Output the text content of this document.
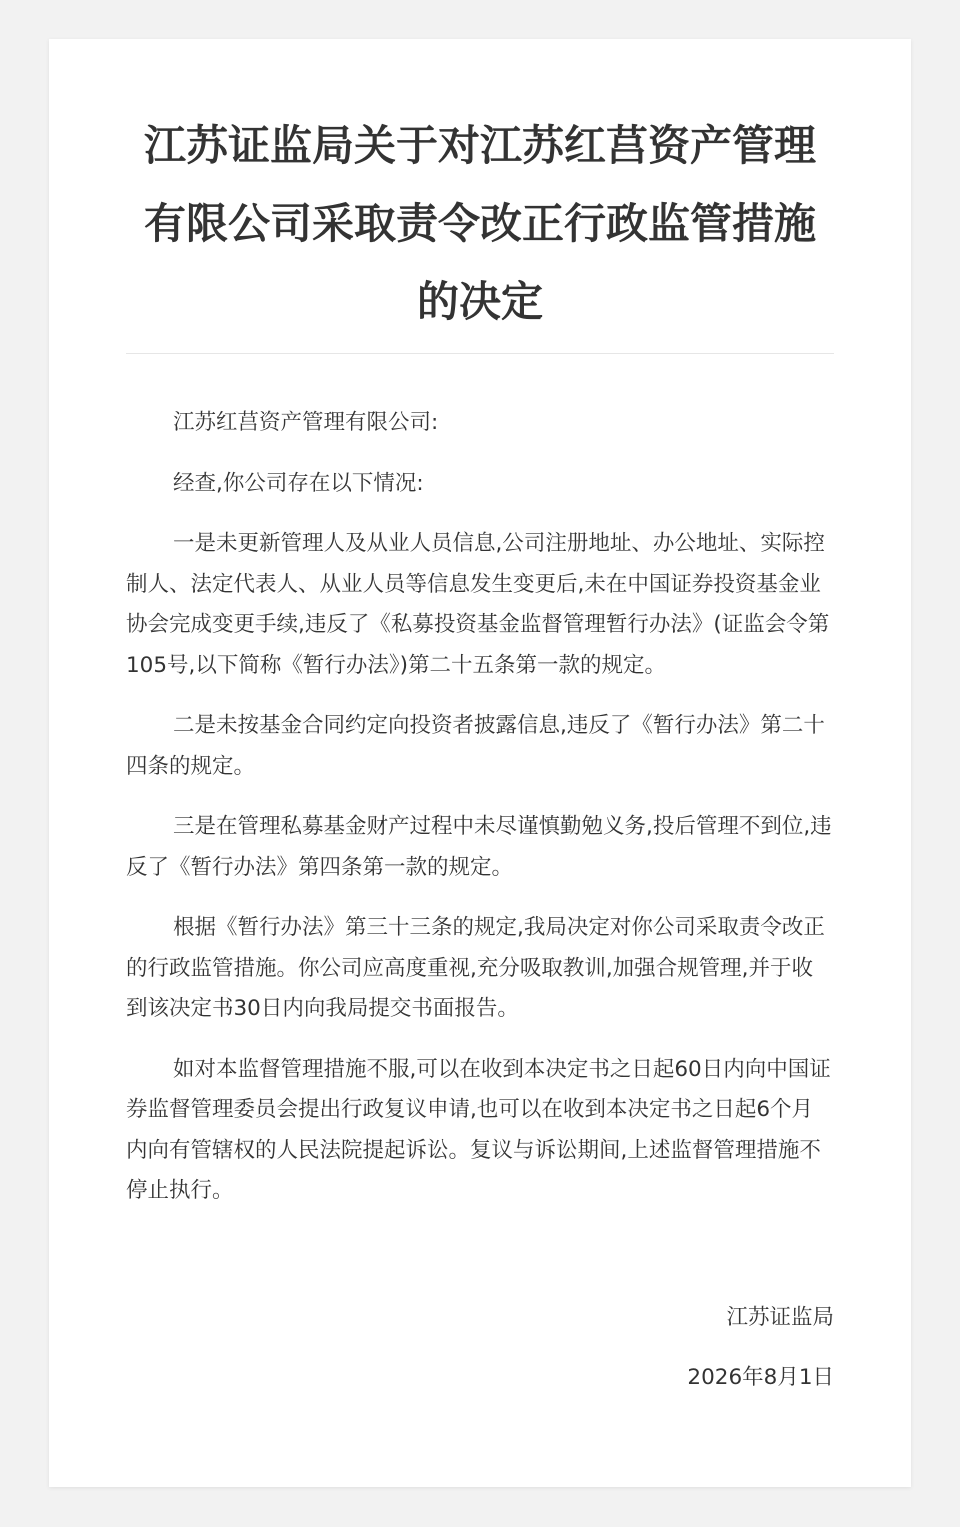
江苏证监局关于对江苏红莒资产管理有限公司采取责令改正行政监管措施的决定

江苏红莒资产管理有限公司:

经查,你公司存在以下情况:

一是未更新管理人及从业人员信息,公司注册地址、办公地址、实际控制人、法定代表人、从业人员等信息发生变更后,未在中国证券投资基金业协会完成变更手续,违反了《私募投资基金监督管理暂行办法》(证监会令第105号,以下简称《暂行办法》)第二十五条第一款的规定。

二是未按基金合同约定向投资者披露信息,违反了《暂行办法》第二十四条的规定。

三是在管理私募基金财产过程中未尽谨慎勤勉义务,投后管理不到位,违反了《暂行办法》第四条第一款的规定。

根据《暂行办法》第三十三条的规定,我局决定对你公司采取责令改正的行政监管措施。你公司应高度重视,充分吸取教训,加强合规管理,并于收到该决定书30日内向我局提交书面报告。

如对本监督管理措施不服,可以在收到本决定书之日起60日内向中国证券监督管理委员会提出行政复议申请,也可以在收到本决定书之日起6个月内向有管辖权的人民法院提起诉讼。复议与诉讼期间,上述监督管理措施不停止执行。

江苏证监局
2026年8月1日
